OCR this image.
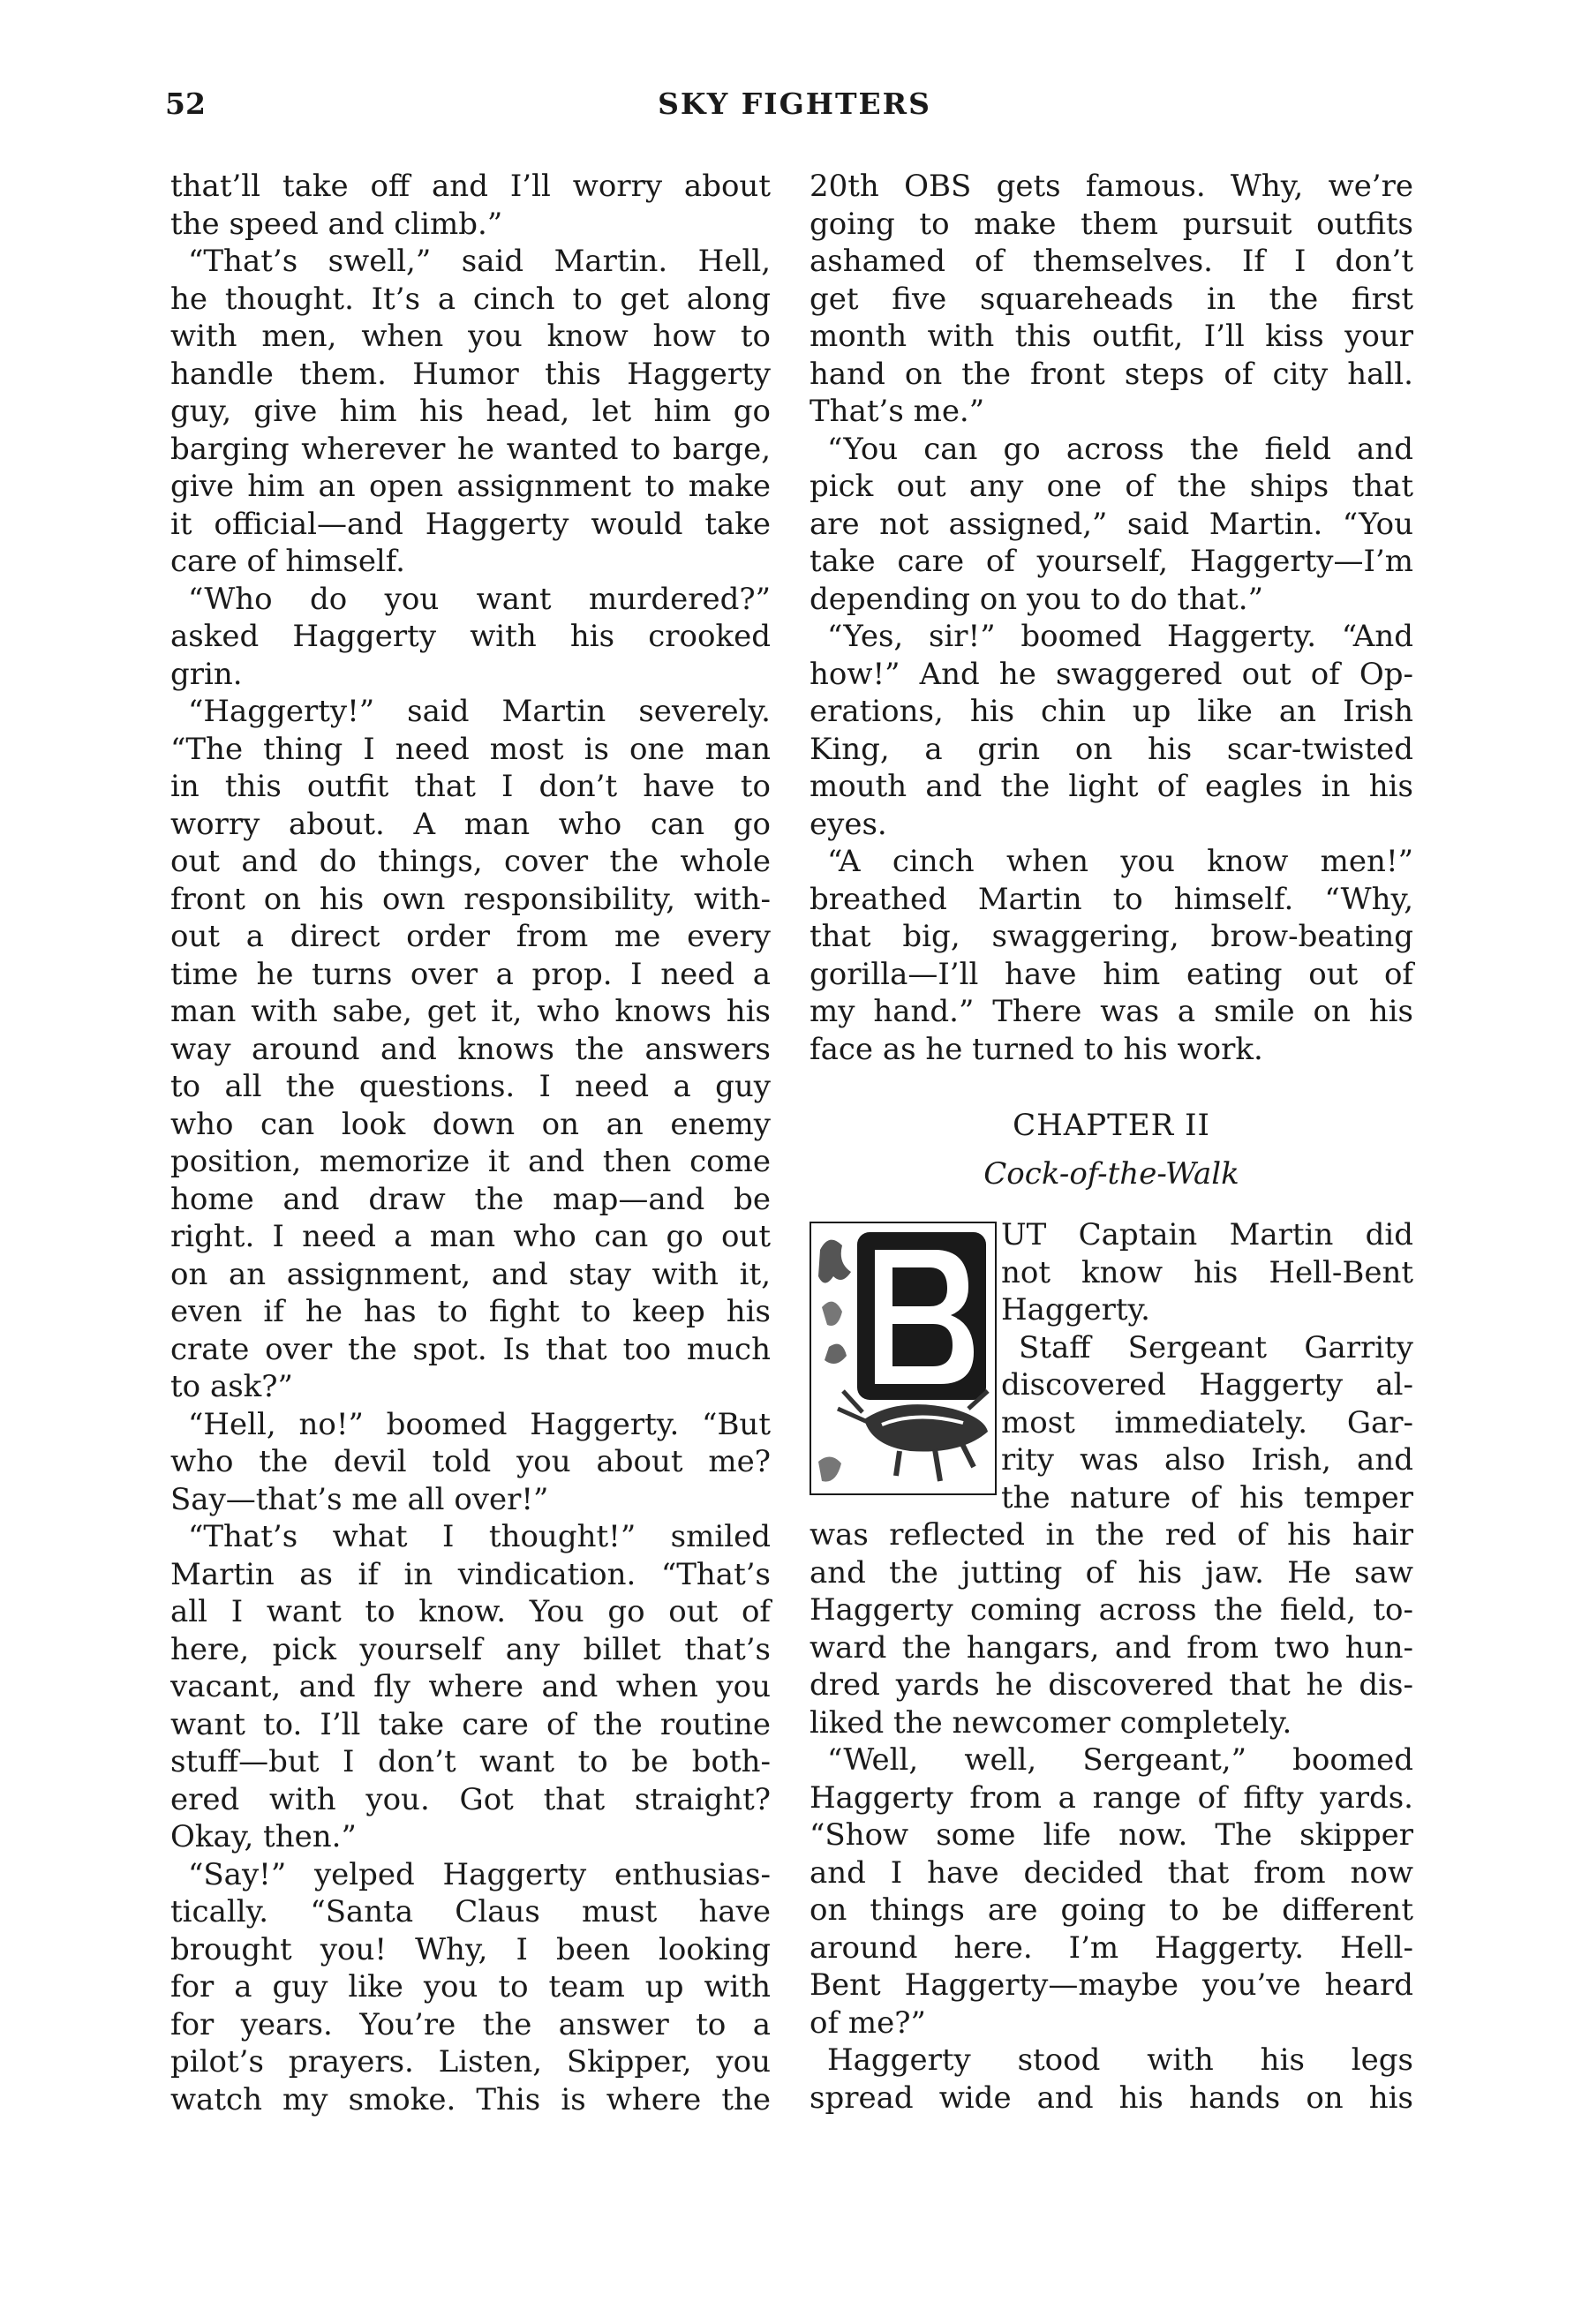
52	SKY FIGHTERS
that’ll take off and I’ll worry about
the speed and climb.”
“That’s swell,” said Martin. Hell,
he thought. It’s a cinch to get along
with men, when you know how to
handle them. Humor this Haggerty
guy, give him his head, let him go
barging wherever he wanted to barge,
give him an open assignment to make
it official—and Haggerty would take
care of himself.
“Who do you want murdered?”
asked Haggerty with his crooked
grin.
“Haggerty!” said Martin severely.
“The thing I need most is one man
in this outfit that I don’t have to
worry about. A man who can go
out and do things, cover the whole
front on his own responsibility, with-
out a direct order from me every
time he turns over a prop. I need a
man with sabe, get it, who knows his
way around and knows the answers
to all the questions. I need a guy
who can look down on an enemy
position, memorize it and then come
home and draw the map—and be
right. I need a man who can go out
on an assignment, and stay with it,
even if he has to fight to keep his
crate over the spot. Is that too much
to ask?”
“Hell, no!” boomed Haggerty. “But
who the devil told you about me?
Say—that’s me all over!”
“That’s what I thought!” smiled
Martin as if in vindication. “That’s
all I want to know. You go out of
here, pick yourself any billet that’s
vacant, and fly where and when you
want to. I’ll take care of the routine
stuff—but I don’t want to be both-
ered with you. Got that straight?
Okay, then.”
“Say!” yelped Haggerty enthusias-
tically. “Santa Claus must have
brought you! Why, I been looking
for a guy like you to team up with
for years. You’re the answer to a
pilot’s prayers. Listen, Skipper, you
watch my smoke. This is where the
20th OBS gets famous. Why, we’re
going to make them pursuit outfits
ashamed of themselves. If I don’t
get five squareheads in the first
month with this outfit, I’ll kiss your
hand on the front steps of city hall.
That’s me.”
“You can go across the field and
pick out any one of the ships that
are not assigned,” said Martin. “You
take care of yourself, Haggerty—I’m
depending on you to do that.”
“Yes, sir!” boomed Haggerty. “And
how!” And he swaggered out of Op-
erations, his chin up like an Irish
King, a grin on his scar-twisted
mouth and the light of eagles in his
eyes.
“A cinch when you know men!”
breathed Martin to himself. “Why,
that big, swaggering, brow-beating
gorilla—I’ll have him eating out of
my hand.” There was a smile on his
face as he turned to his work.
CHAPTER II
Cock-of-the-Walk
UT Captain Martin did
not know his Hell-Bent
Haggerty.
Staff Sergeant Garrity
discovered Haggerty al-
most immediately. Gar-
rity was also Irish, and
the nature of his temper
was reflected in the red of his hair
and the jutting of his jaw. He saw
Haggerty coming across the field, to-
ward the hangars, and from two hun-
dred yards he discovered that he dis-
liked the newcomer completely.
“Well, well, Sergeant,” boomed
Haggerty from a range of fifty yards.
“Show some life now. The skipper
and I have decided that from now
on things are going to be different
around here. I’m Haggerty. Hell-
Bent Haggerty—maybe you’ve heard
of me?”
Haggerty stood with his legs
spread wide and his hands on his
